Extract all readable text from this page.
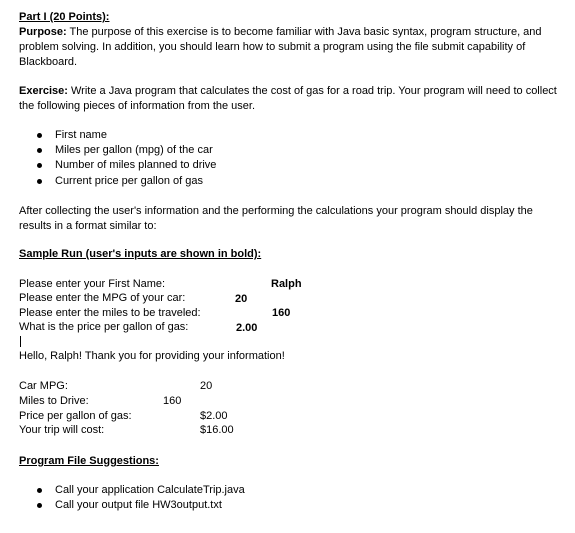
Part I (20 Points):
Purpose: The purpose of this exercise is to become familiar with Java basic syntax, program structure, and problem solving. In addition, you should learn how to submit a program using the file submit capability of Blackboard.
Exercise: Write a Java program that calculates the cost of gas for a road trip. Your program will need to collect the following pieces of information from the user.
First name
Miles per gallon (mpg) of the car
Number of miles planned to drive
Current price per gallon of gas
After collecting the user's information and the performing the calculations your program should display the results in a format similar to:
Sample Run (user's inputs are shown in bold):
Please enter your First Name:	Ralph
Please enter the MPG of your car:	20
Please enter the miles to be traveled:	160
What is the price per gallon of gas:	2.00
Hello, Ralph! Thank you for providing your information!
Car MPG:	20
Miles to Drive:	160
Price per gallon of gas:	$2.00
Your trip will cost:	$16.00
Program File Suggestions:
Call your application CalculateTrip.java
Call your output file HW3output.txt
